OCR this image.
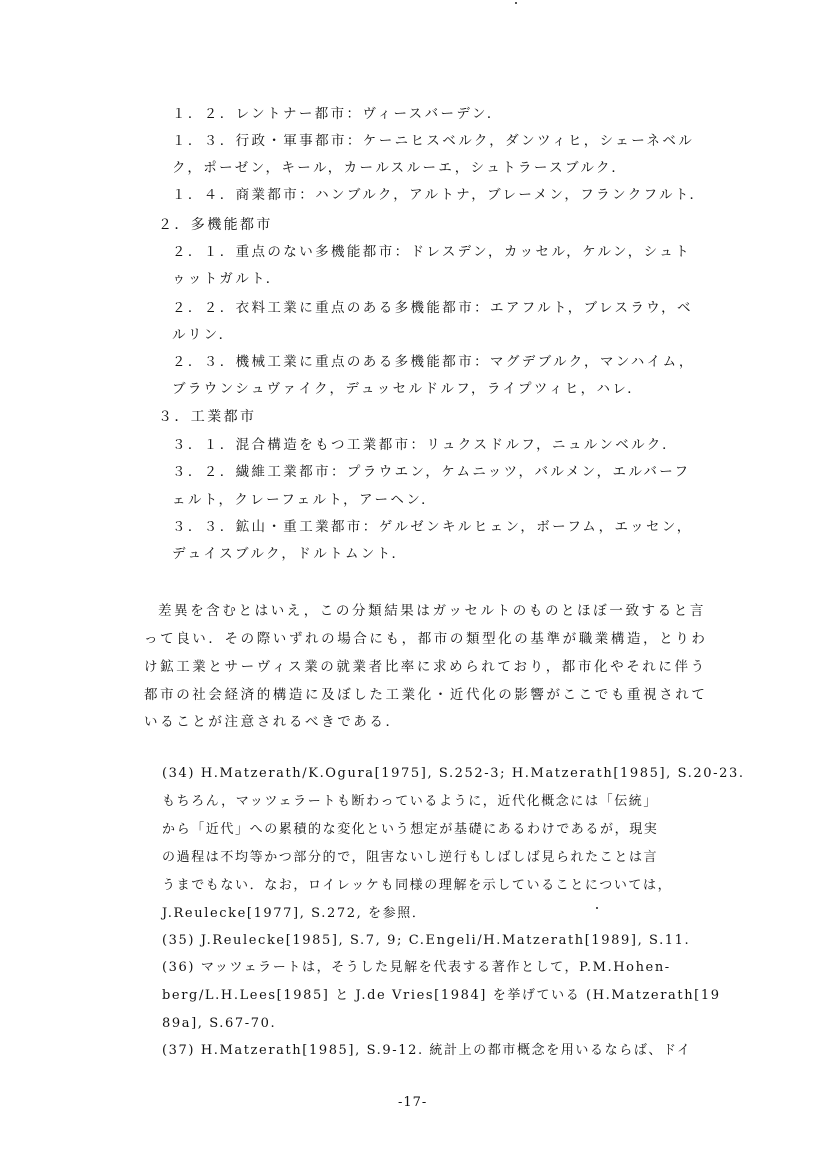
１．２．レントナー都市：ヴィースバーデン．
１．３．行政・軍事都市：ケーニヒスベルク，ダンツィヒ，シェーネベル
ク，ポーゼン，キール，カールスルーエ，シュトラースブルク．
１．４．商業都市：ハンブルク，アルトナ，ブレーメン，フランクフルト．
２．多機能都市
２．１．重点のない多機能都市：ドレスデン，カッセル，ケルン，シュト
ゥットガルト．
２．２．衣料工業に重点のある多機能都市：エアフルト，ブレスラウ，ベ
ルリン．
２．３．機械工業に重点のある多機能都市：マグデブルク，マンハイム，
ブラウンシュヴァイク，デュッセルドルフ，ライプツィヒ，ハレ．
３．工業都市
３．１．混合構造をもつ工業都市：リュクスドルフ，ニュルンベルク．
３．２．繊維工業都市：プラウエン，ケムニッツ，バルメン，エルバーフ
ェルト，クレーフェルト，アーヘン．
３．３．鉱山・重工業都市：ゲルゼンキルヒェン，ボーフム，エッセン，
デュイスブルク，ドルトムント．
差異を含むとはいえ，この分類結果はガッセルトのものとほぼ一致すると言
って良い．その際いずれの場合にも，都市の類型化の基準が職業構造，とりわ
け鉱工業とサーヴィス業の就業者比率に求められており，都市化やそれに伴う
都市の社会経済的構造に及ぼした工業化・近代化の影響がここでも重視されて
いることが注意されるべきである．
(34) H.Matzerath/K.Ogura[1975], S.252-3; H.Matzerath[1985], S.20-23.
もちろん，マッツェラートも断わっているように，近代化概念には「伝統」
から「近代」への累積的な変化という想定が基礎にあるわけであるが，現実
の過程は不均等かつ部分的で，阻害ないし逆行もしばしば見られたことは言
うまでもない．なお，ロイレッケも同様の理解を示していることについては，
J.Reulecke[1977], S.272, を参照．
(35) J.Reulecke[1985], S.7, 9; C.Engeli/H.Matzerath[1989], S.11.
(36) マッツェラートは，そうした見解を代表する著作として，P.M.Hohen-
berg/L.H.Lees[1985] と J.de Vries[1984] を挙げている (H.Matzerath[19
89a], S.67-70.
(37) H.Matzerath[1985], S.9-12. 統計上の都市概念を用いるならば、ドイ
-17-
